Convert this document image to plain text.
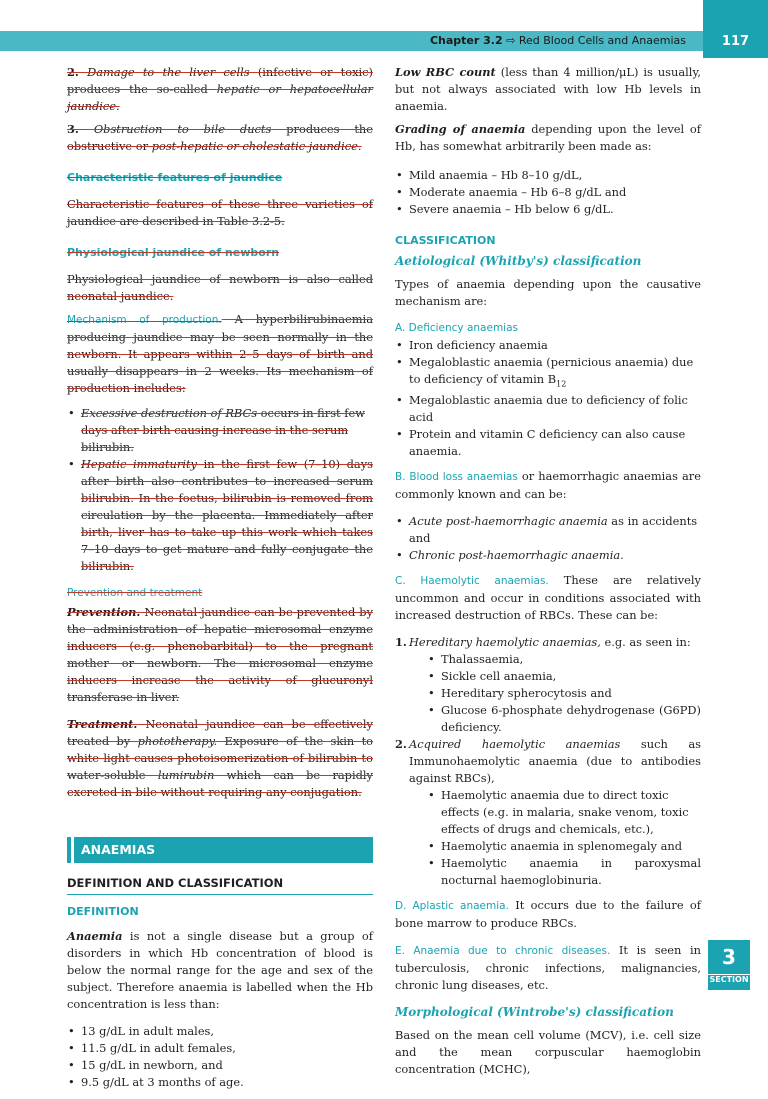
Chapter 3.2 ⇨ Red Blood Cells and Anaemias	117

2. Damage to the liver cells (infective or toxic) produces the so-called hepatic or hepatocellular jaundice.

3. Obstruction to bile ducts produces the obstructive or post-hepatic or cholestatic jaundice.

Characteristic features of jaundice

Characteristic features of these three varieties of jaundice are described in Table 3.2-5.

Physiological jaundice of newborn

Physiological jaundice of newborn is also called neonatal jaundice.

Mechanism of production. A hyperbilirubinaemia producing jaundice may be seen normally in the newborn. It appears within 2–5 days of birth and usually disappears in 2 weeks. Its mechanism of production includes:

• Excessive destruction of RBCs occurs in first few days after birth causing increase in the serum bilirubin.
• Hepatic immaturity in the first few (7–10) days after birth also contributes to increased serum bilirubin. In the foetus, bilirubin is removed from circulation by the placenta. Immediately after birth, liver has to take up this work which takes 7–10 days to get mature and fully conjugate the bilirubin.
Prevention and treatment

Prevention. Neonatal jaundice can be prevented by the administration of hepatic microsomal enzyme inducers (e.g. phenobarbital) to the pregnant mother or newborn. The microsomal enzyme inducers increase the activity of glucuronyl transferase in liver.

Treatment. Neonatal jaundice can be effectively treated by phototherapy. Exposure of the skin to white light causes photoisomerization of bilirubin to water-soluble lumirubin which can be rapidly excreted in bile without requiring any conjugation.

ANAEMIAS
DEFINITION AND CLASSIFICATION
DEFINITION

Anaemia is not a single disease but a group of disorders in which Hb concentration of blood is below the normal range for the age and sex of the subject. Therefore anaemia is labelled when the Hb concentration is less than:

• 13 g/dL in adult males,
• 11.5 g/dL in adult females,
• 15 g/dL in newborn, and
• 9.5 g/dL at 3 months of age.

Low RBC count (less than 4 million/μL) is usually, but not always associated with low Hb levels in anaemia.

Grading of anaemia depending upon the level of Hb, has somewhat arbitrarily been made as:

• Mild anaemia – Hb 8–10 g/dL,
• Moderate anaemia – Hb 6–8 g/dL and
• Severe anaemia – Hb below 6 g/dL.
CLASSIFICATION
Aetiological (Whitby's) classification

Types of anaemia depending upon the causative mechanism are:

A. Deficiency anaemias
• Iron deficiency anaemia
• Megaloblastic anaemia (pernicious anaemia) due to deficiency of vitamin $B_{12}$
• Megaloblastic anaemia due to deficiency of folic acid
• Protein and vitamin C deficiency can also cause anaemia.

B. Blood loss anaemias or haemorrhagic anaemias are commonly known and can be:

• Acute post-haemorrhagic anaemia as in accidents and
• Chronic post-haemorrhagic anaemia.

C. Haemolytic anaemias. These are relatively uncommon and occur in conditions associated with increased destruction of RBCs. These can be:

1. Hereditary haemolytic anaemias, e.g. as seen in:
• Thalassaemia,
• Sickle cell anaemia,
• Hereditary spherocytosis and
• Glucose 6-phosphate dehydrogenase (G6PD) deficiency.
2. Acquired haemolytic anaemias such as Immunohaemolytic anaemia (due to antibodies against RBCs),
• Haemolytic anaemia due to direct toxic effects (e.g. in malaria, snake venom, toxic effects of drugs and chemicals, etc.),
• Haemolytic anaemia in splenomegaly and
• Haemolytic anaemia in paroxysmal nocturnal haemoglobinuria.

D. Aplastic anaemia. It occurs due to the failure of bone marrow to produce RBCs.

E. Anaemia due to chronic diseases. It is seen in tuberculosis, chronic infections, malignancies, chronic lung diseases, etc.

Morphological (Wintrobe's) classification

Based on the mean cell volume (MCV), i.e. cell size and the mean corpuscular haemoglobin concentration (MCHC),

3
SECTION
